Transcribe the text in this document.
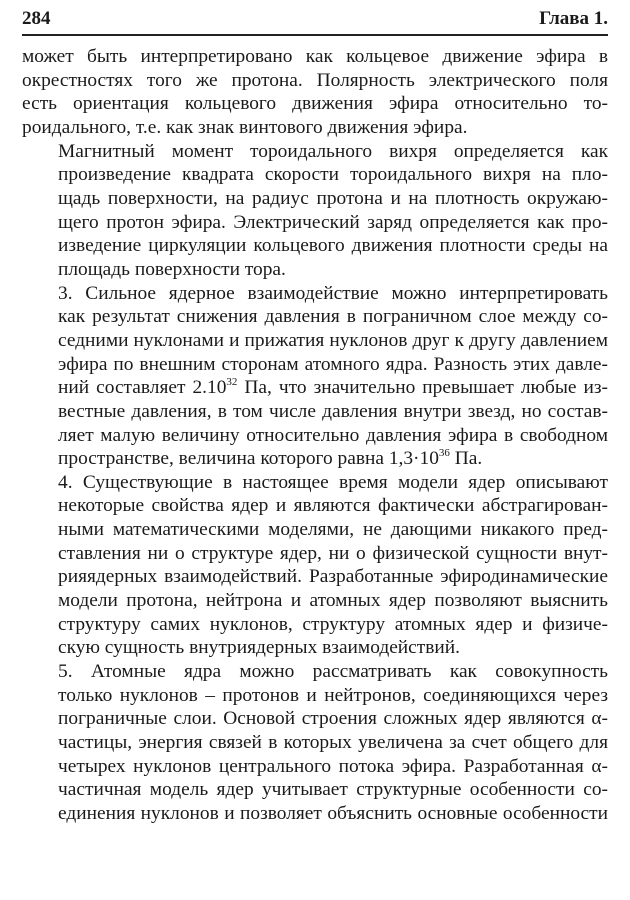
284	Глава 1.

может быть интерпретировано как кольцевое движение эфира в
окрестностях того же протона. Полярность электрического поля
есть ориентация кольцевого движения эфира относительно то-
роидального, т.е. как знак винтового движения эфира.

Магнитный момент тороидального вихря определяется как
произведение квадрата скорости тороидального вихря на пло-
щадь поверхности, на радиус протона и на плотность окружаю-
щего протон эфира. Электрический заряд определяется как про-
изведение циркуляции кольцевого движения плотности среды на
площадь поверхности тора.

3. Сильное ядерное взаимодействие можно интерпретировать
как результат снижения давления в пограничном слое между со-
седними нуклонами и прижатия нуклонов друг к другу давлением
эфира по внешним сторонам атомного ядра. Разность этих давле-
ний составляет 2.10$^{32}$ Па, что значительно превышает любые из-
вестные давления, в том числе давления внутри звезд, но состав-
ляет малую величину относительно давления эфира в свободном
пространстве, величина которого равна $1,3\cdot 10^{36}$ Па.

4. Существующие в настоящее время модели ядер описывают
некоторые свойства ядер и являются фактически абстрагирован-
ными математическими моделями, не дающими никакого пред-
ставления ни о структуре ядер, ни о физической сущности внут-
рияядерных взаимодействий. Разработанные эфиродинамические
модели протона, нейтрона и атомных ядер позволяют выяснить
структуру самих нуклонов, структуру атомных ядер и физиче-
скую сущность внутриядерных взаимодействий.

5. Атомные ядра можно рассматривать как совокупность
только нуклонов – протонов и нейтронов, соединяющихся через
пограничные слои. Основой строения сложных ядер являются α-
частицы, энергия связей в которых увеличена за счет общего для
четырех нуклонов центрального потока эфира. Разработанная α-
частичная модель ядер учитывает структурные особенности со-
единения нуклонов и позволяет объяснить основные особенности
